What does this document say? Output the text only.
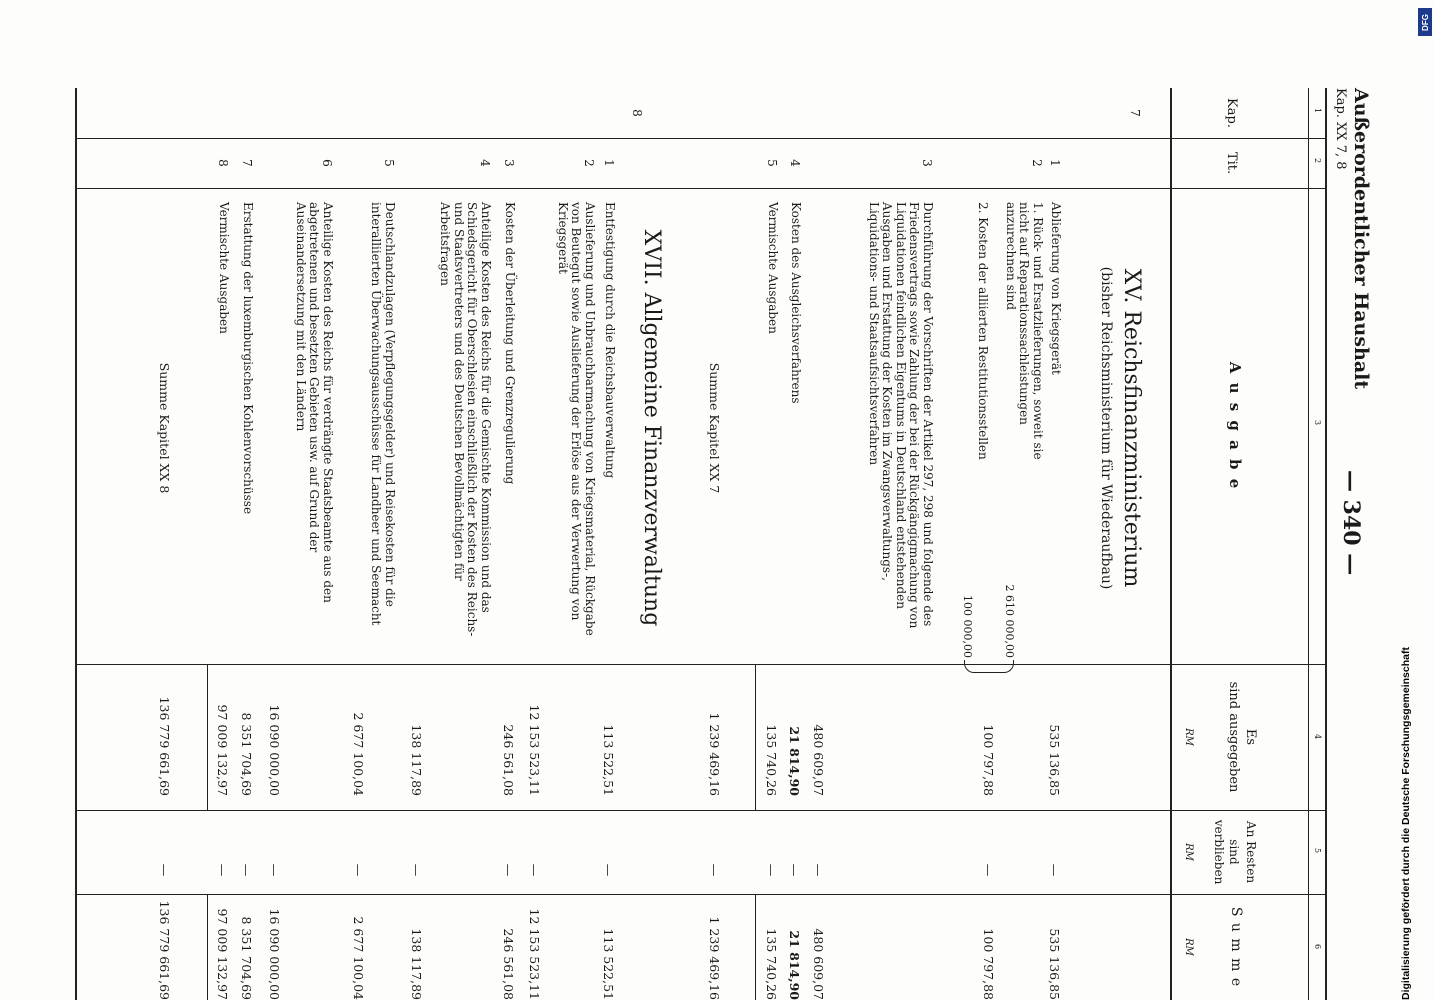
Außerordentlicher Haushalt
Kap. XX 7, 8
— 340 —
1
2
3
4
5
6
Kap.
Tit.
A u s g a b e
Es
sind ausgegeben
RM
An Resten
sind verblieben
RM
S u m m e
RM
7
XV. Reichsfinanzministerium
(bisher Reichsministerium für Wiederaufbau)
1
Ablieferung von Kriegsgerät
535 136,85
—
535 136,85
2
1. Rück- und Ersatzlieferungen, soweit sie nicht auf Reparationssachleistungen anzurechnen sind
2 610 000,00
2. Kosten der alliierten Restitutionsstellen
100 000,00
100 797,88
—
100 797,88
3
Durchführung der Vorschriften der Artikel 297, 298 und folgende des Friedensvertrags sowie Zahlung der bei der Rückgängigmachung von Liquidationen feindlichen Eigentums in Deutschland entstehenden Ausgaben und Erstattung der Kosten im Zwangsverwaltungs-, Liquidations- und Staatsaufsichtsverfahren
480 609,07
—
480 609,07
4
Kosten des Ausgleichsverfahrens
21 814,90
—
21 814,90
5
Vermischte Ausgaben
135 740,26
—
135 740,26
Summe Kapitel XX 7
1 239 469,16
—
1 239 469,16
8
XVII. Allgemeine Finanzverwaltung
1
Entfestigung durch die Reichsbauverwaltung
113 522,51
—
113 522,51
2
Auslieferung und Unbrauchbarmachung von Kriegsmaterial, Rückgabe von Beutegut sowie Auslieferung der Erlöse aus der Verwertung von Kriegsgerät
12 153 523,11
—
12 153 523,11
3
Kosten der Überleitung und Grenzregulierung
246 561,08
—
246 561,08
4
Anteilige Kosten des Reichs für die Gemischte Kommission und das Schiedsgericht für Oberschlesien einschließlich der Kosten des Reichs- und Staatsvertreters und des Deutschen Bevollmächtigten für Arbeitsfragen
138 117,89
—
138 117,89
5
Deutschlandzulagen (Verpflegungsgelder) und Reisekosten für die interalliierten Überwachungsausschüsse für Landheer und Seemacht
2 677 100,04
—
2 677 100,04
6
Anteilige Kosten des Reichs für verdrängte Staatsbeamte aus den abgetretenen und besetzten Gebieten usw. auf Grund der Auseinandersetzung mit den Ländern
16 090 000,00
—
16 090 000,00
7
Erstattung der luxemburgischen Kohlenvorschüsse
8 351 704,69
—
8 351 704,69
8
Vermischte Ausgaben
97 009 132,97
—
97 009 132,97
Summe Kapitel XX 8
136 779 661,69
—
136 779 661,69	Digitalisierung gefördert durch die Deutsche Forschungsgemeinschaft
DFG
